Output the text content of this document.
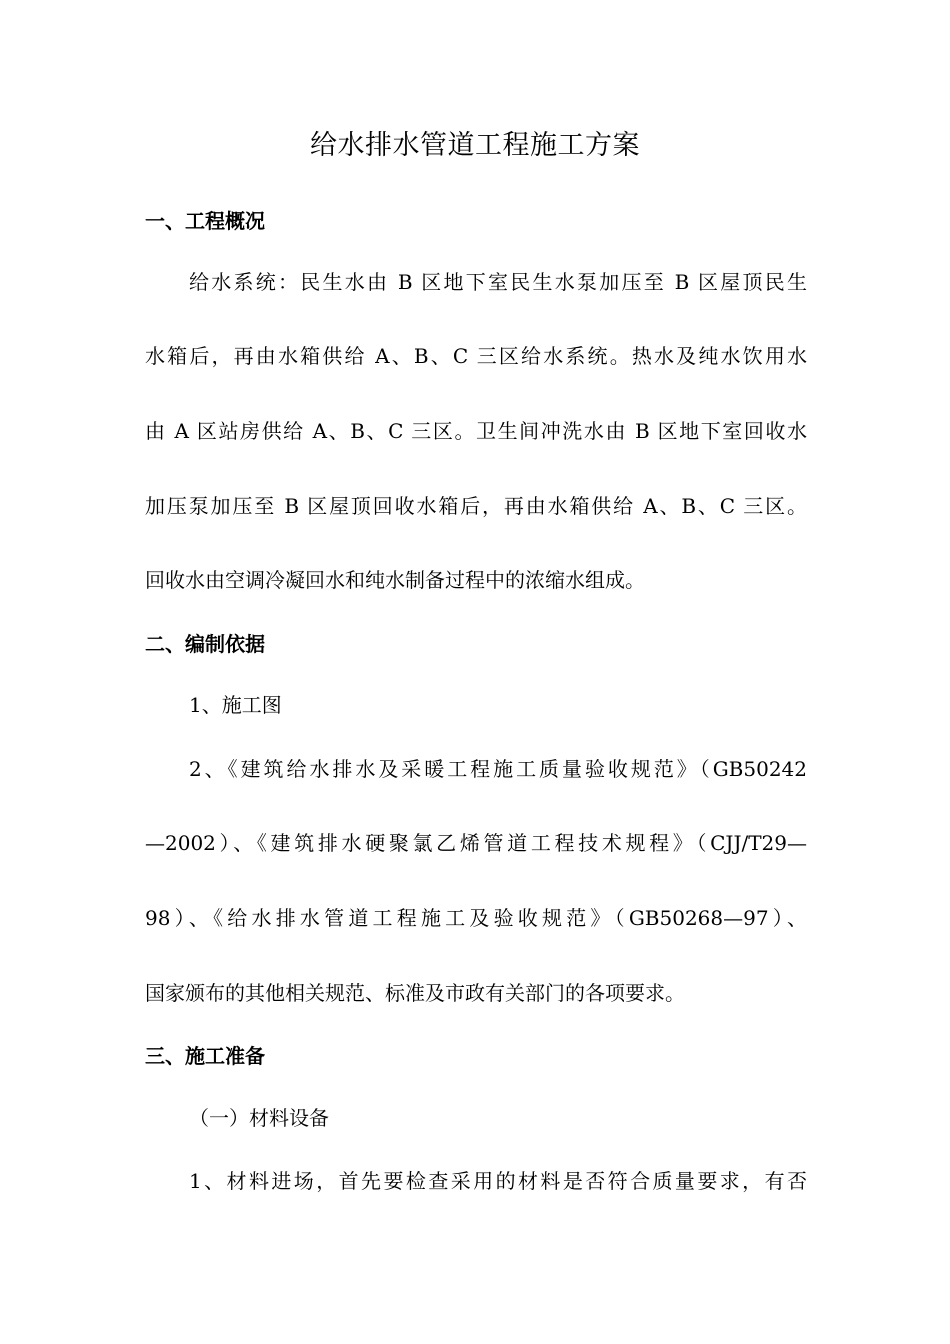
给水排水管道工程施工方案
一、工程概况
给水系统：民生水由 B 区地下室民生水泵加压至 B 区屋顶民生
水箱后，再由水箱供给 A、B、C 三区给水系统。热水及纯水饮用水
由 A 区站房供给 A、B、C 三区。卫生间冲洗水由 B 区地下室回收水
加压泵加压至 B 区屋顶回收水箱后，再由水箱供给 A、B、C 三区。
回收水由空调冷凝回水和纯水制备过程中的浓缩水组成。
二、编制依据
1、施工图
2、《建筑给水排水及采暖工程施工质量验收规范》（GB50242
—2002）、《建筑排水硬聚氯乙烯管道工程技术规程》（CJJ/T29—
98）、《给水排水管道工程施工及验收规范》（GB50268—97）、
国家颁布的其他相关规范、标准及市政有关部门的各项要求。
三、施工准备
（一）材料设备
1、材料进场，首先要检查采用的材料是否符合质量要求，有否
